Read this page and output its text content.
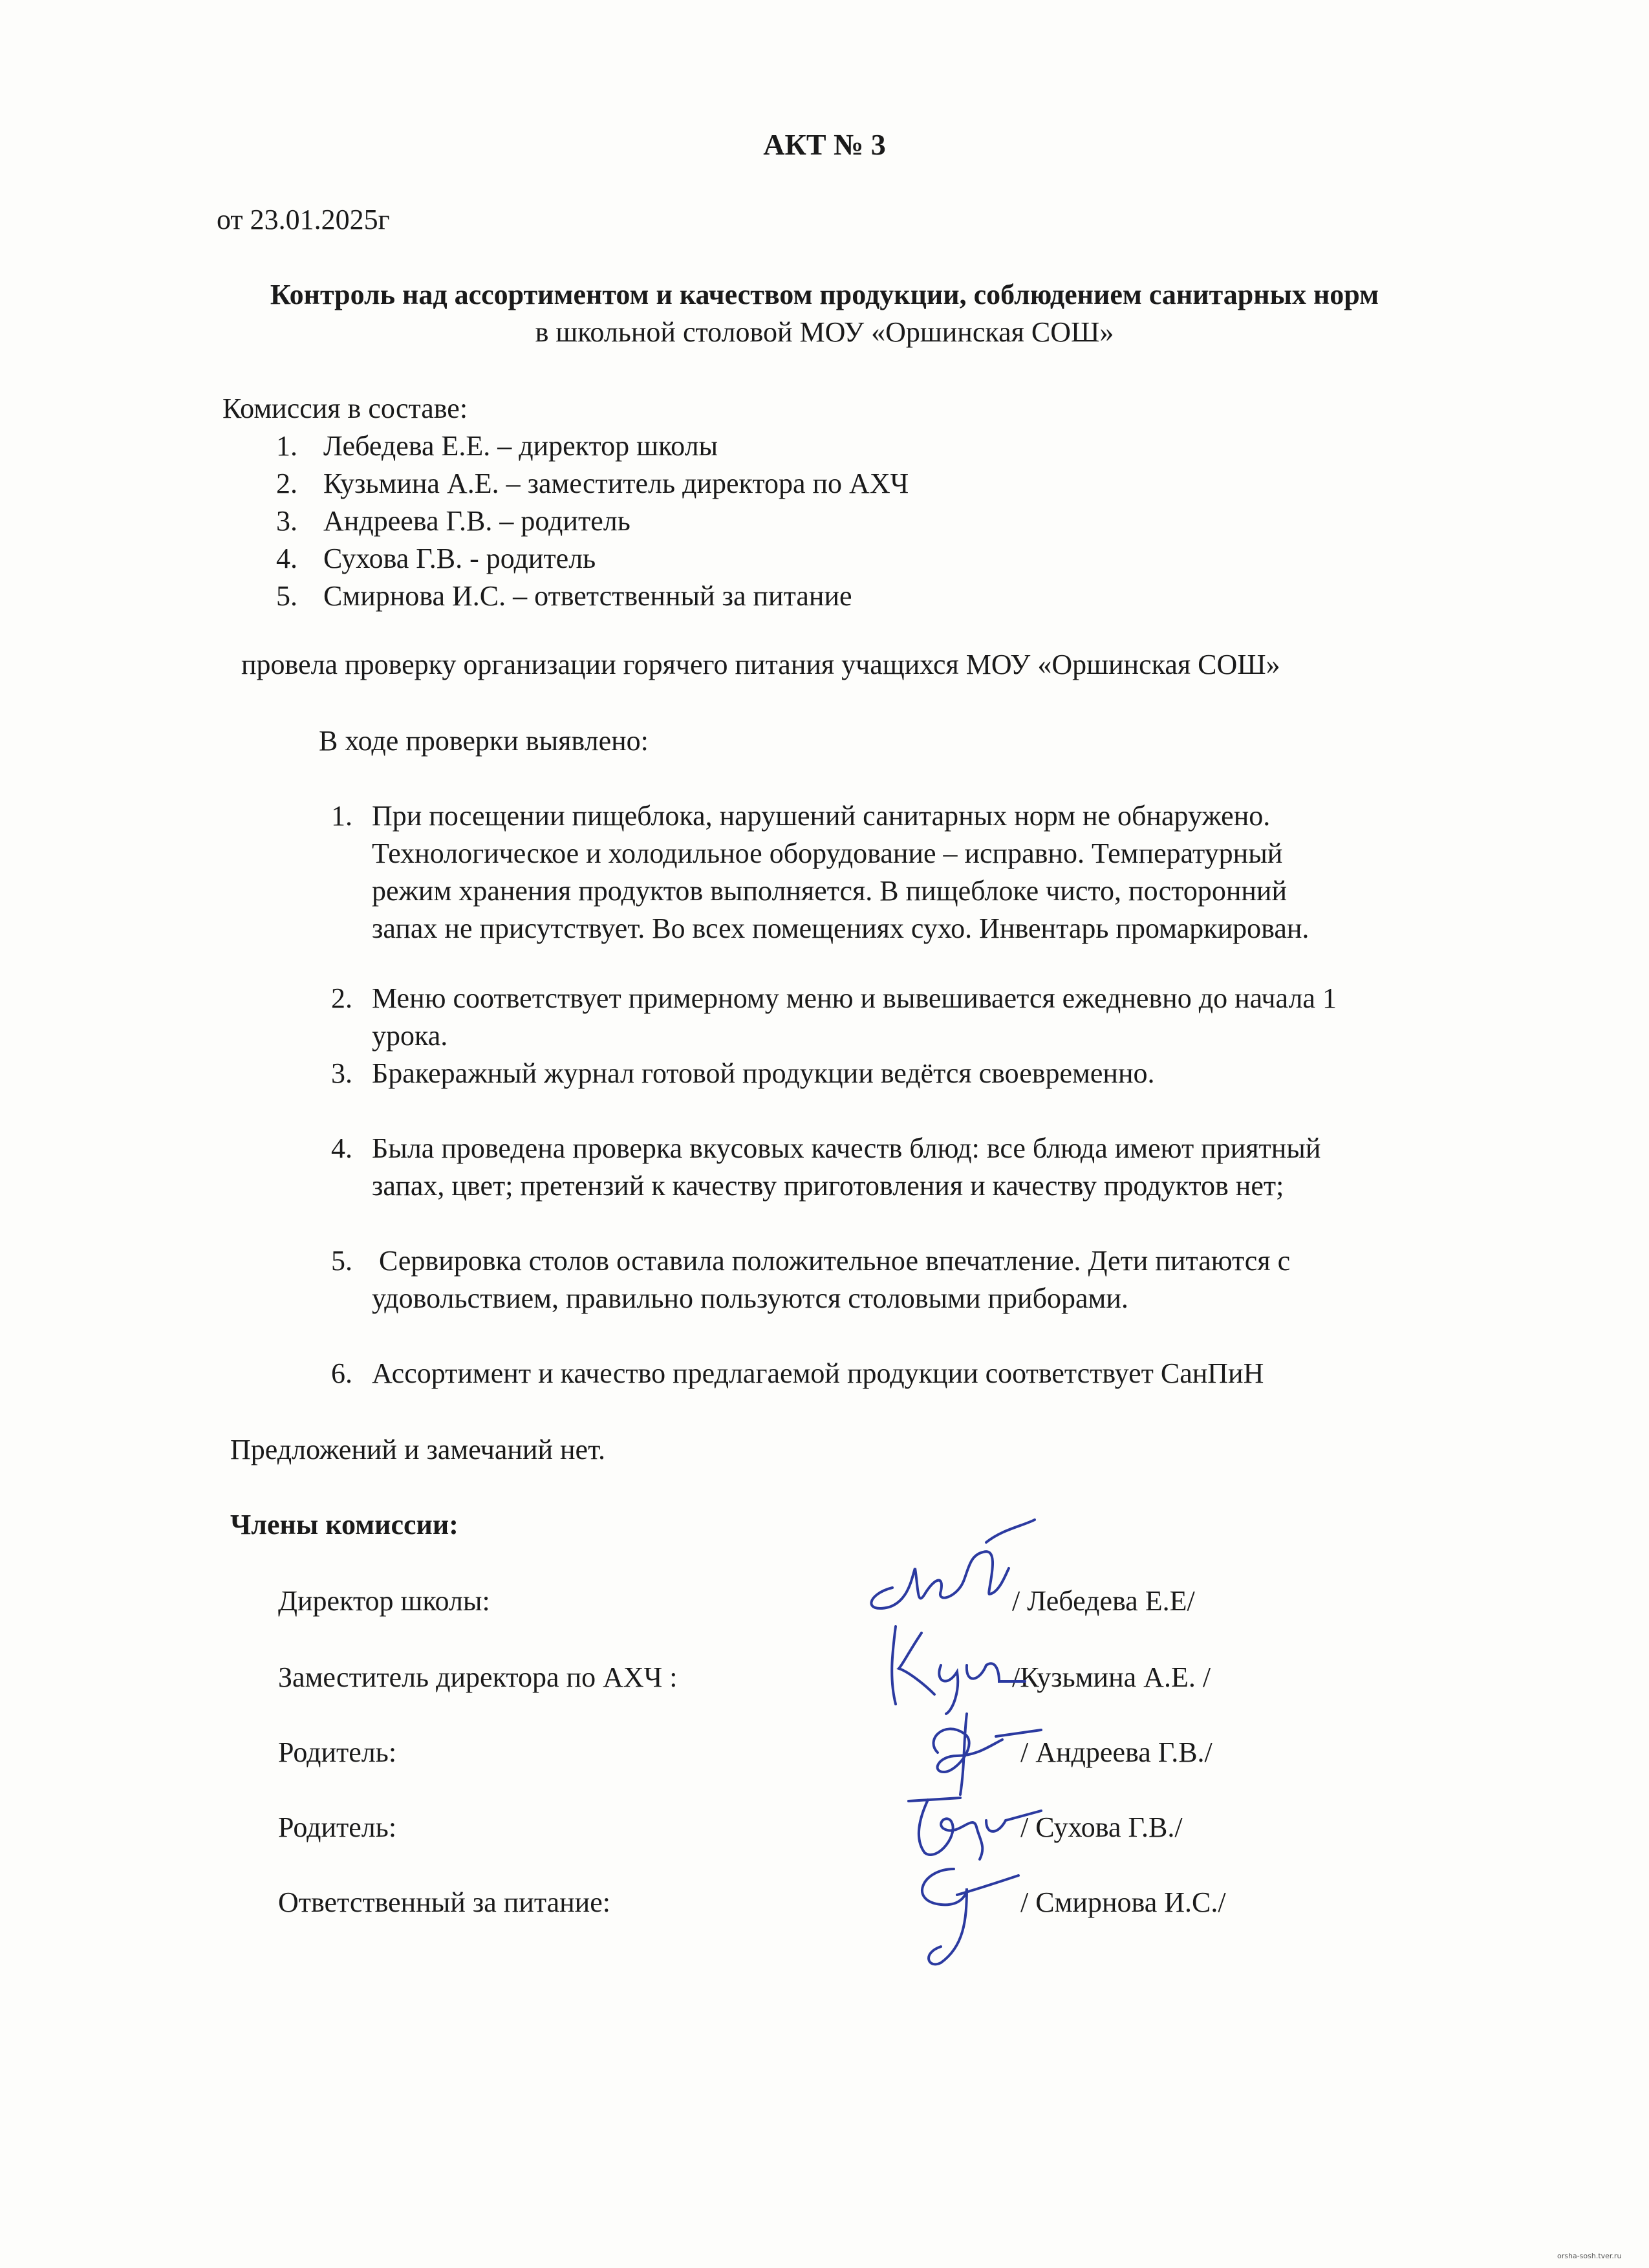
АКТ № 3
от 23.01.2025г
Контроль над ассортиментом и качеством продукции, соблюдением санитарных норм
в школьной столовой МОУ «Оршинская СОШ»
Комиссия в составе:
1. Лебедева Е.Е. – директор школы
2. Кузьмина А.Е. – заместитель директора по АХЧ
3. Андреева Г.В. – родитель
4. Сухова Г.В. - родитель
5. Смирнова И.С. – ответственный за питание
провела проверку организации горячего питания учащихся МОУ «Оршинская СОШ»
В ходе проверки выявлено:
1. При посещении пищеблока, нарушений санитарных норм не обнаружено.
Технологическое и холодильное оборудование – исправно. Температурный
режим хранения продуктов выполняется. В пищеблоке чисто, посторонний
запах не присутствует. Во всех помещениях сухо. Инвентарь промаркирован.
2. Меню соответствует примерному меню и вывешивается ежедневно до начала 1
урока.
3. Бракеражный журнал готовой продукции ведётся своевременно.
4. Была проведена проверка вкусовых качеств блюд: все блюда имеют приятный
запах, цвет; претензий к качеству приготовления и качеству продуктов нет;
5. Сервировка столов оставила положительное впечатление. Дети питаются с
удовольствием, правильно пользуются столовыми приборами.
6. Ассортимент и качество предлагаемой продукции соответствует СанПиН
Предложений и замечаний нет.
Члены комиссии:
Директор школы:	/ Лебедева Е.Е/
Заместитель директора по АХЧ :	/Кузьмина А.Е. /
Родитель:	/ Андреева Г.В./
Родитель:	/ Сухова Г.В./
Ответственный за питание:	/ Смирнова И.С./
orsha-sosh.tver.ru
